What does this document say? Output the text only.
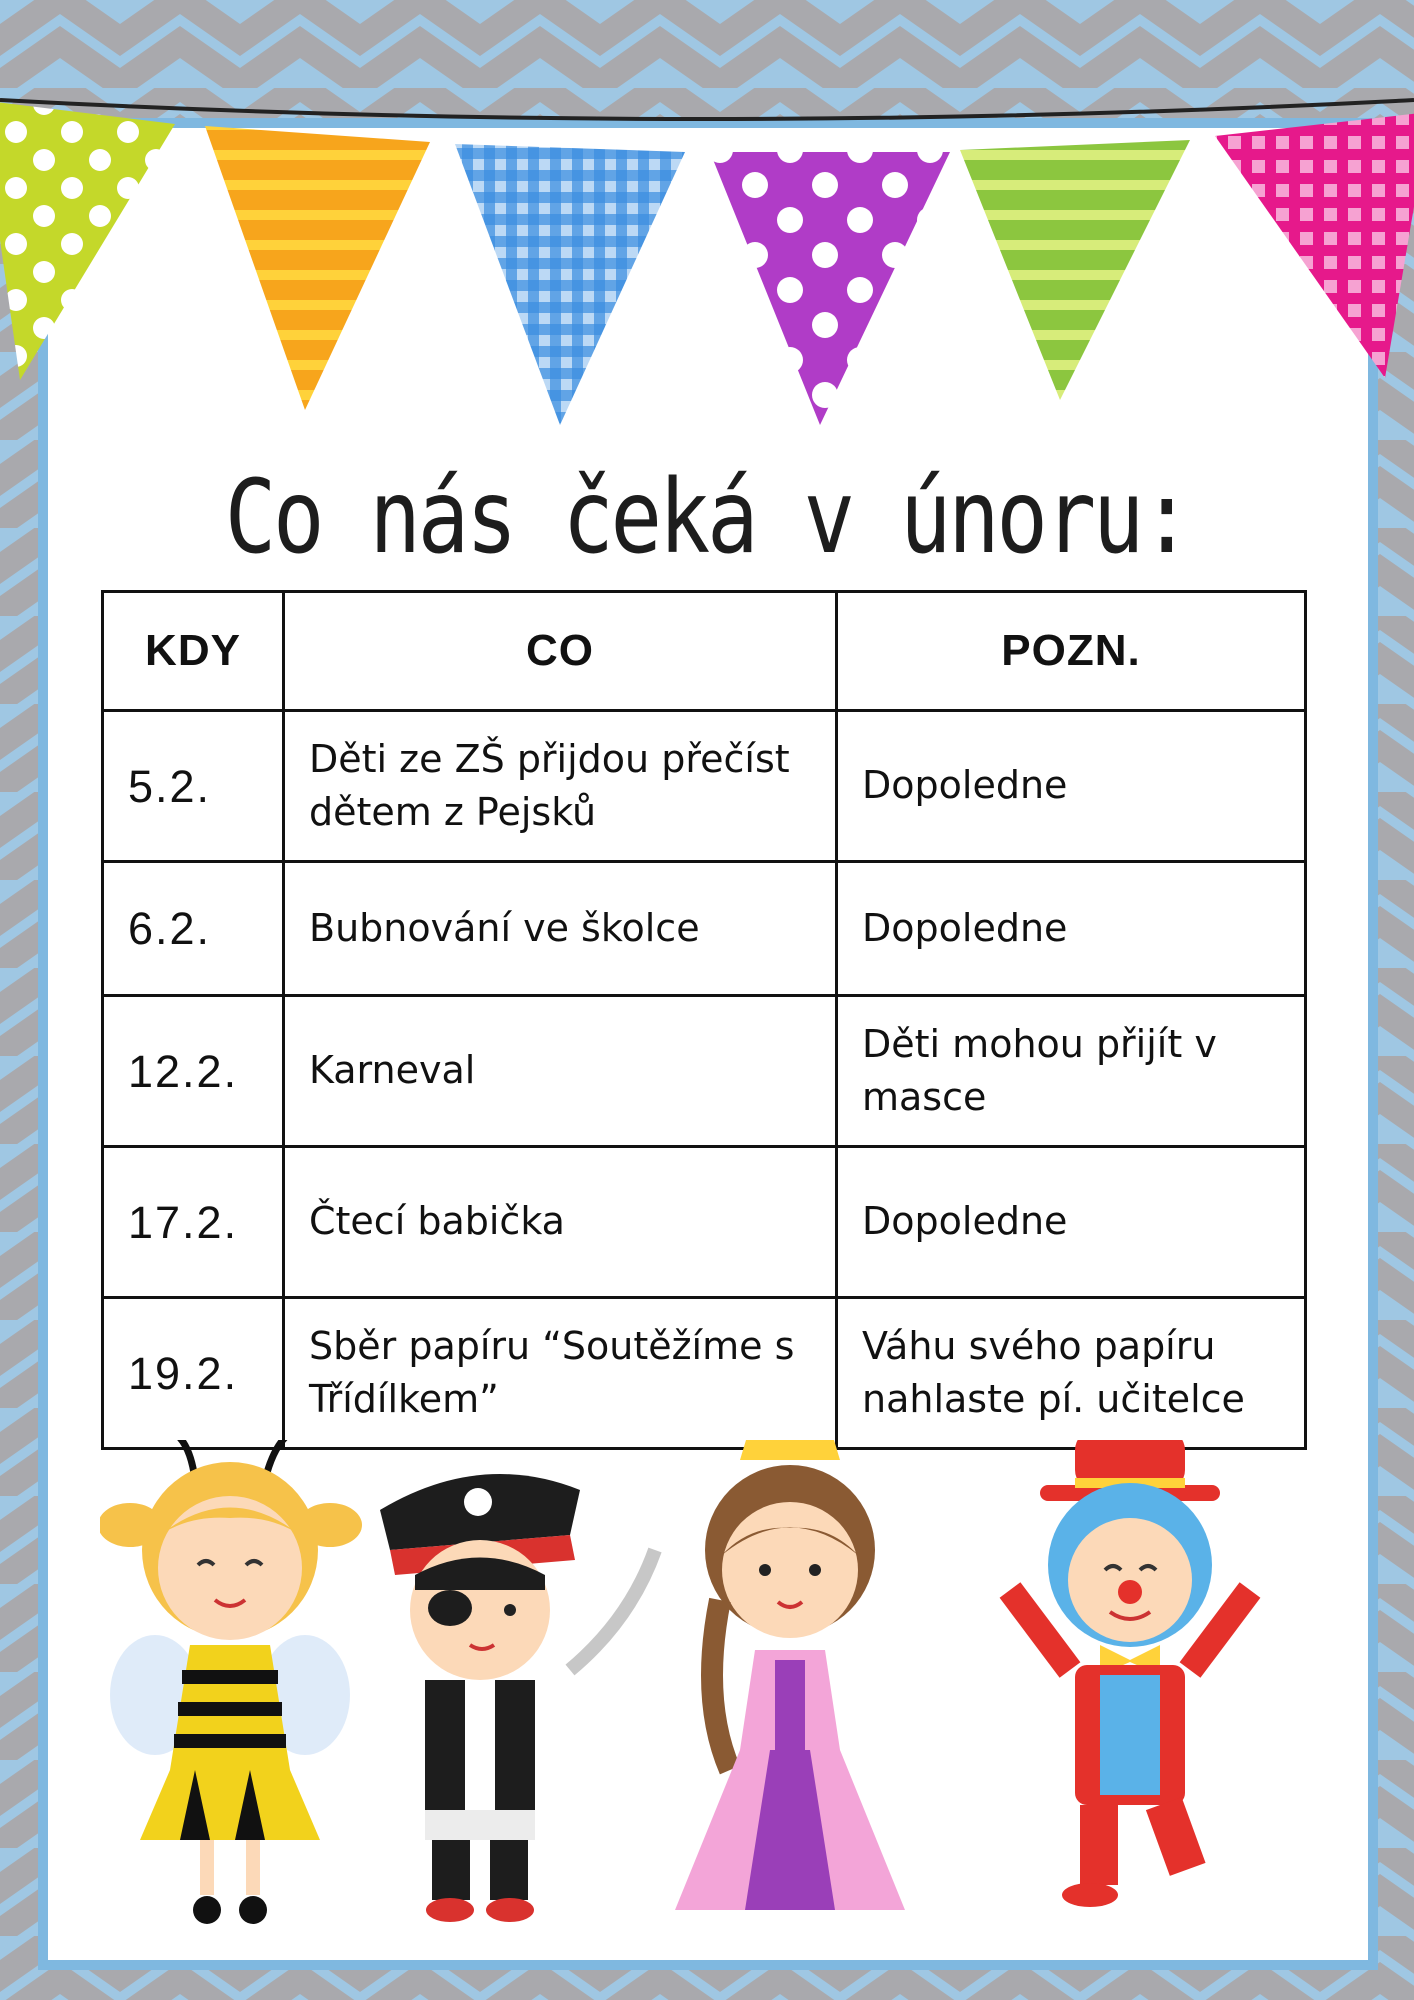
Co nás čeká v únoru:
KDY	CO	POZN.
5.2.	Děti ze ZŠ přijdou přečíst dětem z Pejsků	Dopoledne
6.2.	Bubnování ve školce	Dopoledne
12.2.	Karneval	Děti mohou přijít v masce
17.2.	Čtecí babička	Dopoledne
19.2.	Sběr papíru “Soutěžíme s Třídílkem”	Váhu svého papíru nahlaste pí. učitelce
